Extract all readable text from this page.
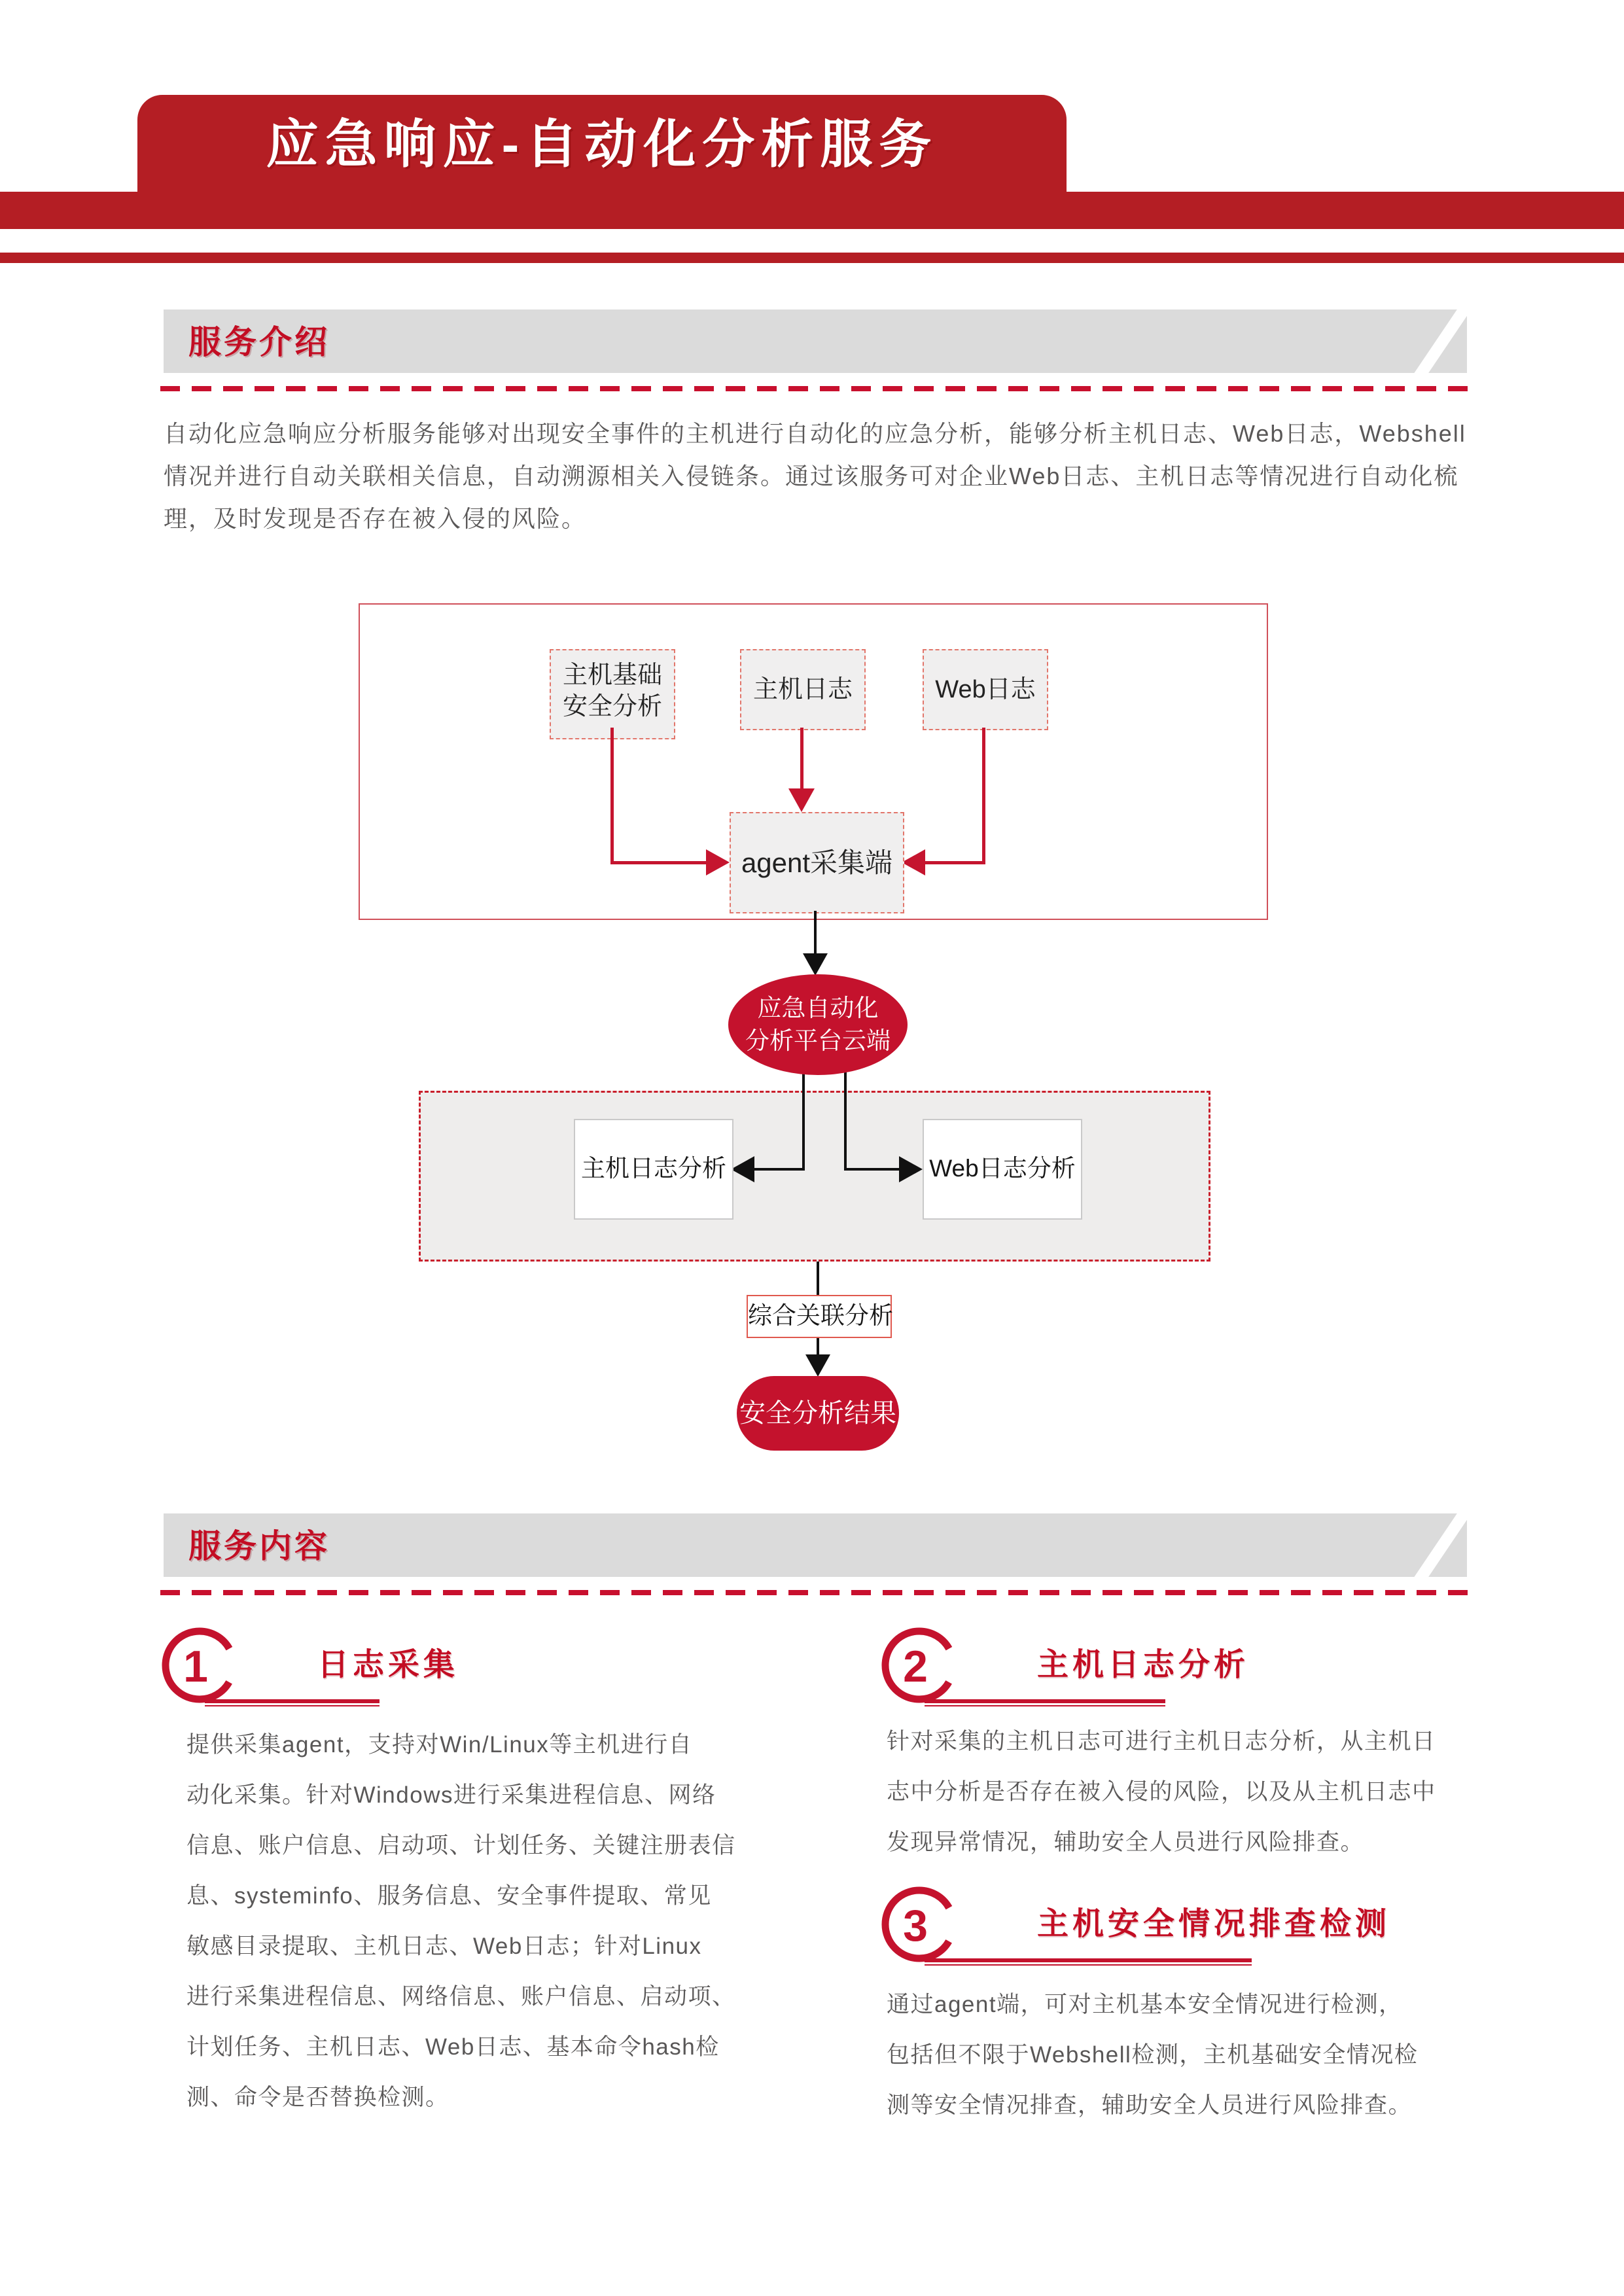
应急响应-自动化分析服务
服务介绍
自动化应急响应分析服务能够对出现安全事件的主机进行自动化的应急分析，能够分析主机日志、Web日志，Webshell
情况并进行自动关联相关信息，自动溯源相关入侵链条。通过该服务可对企业Web日志、主机日志等情况进行自动化梳
理，及时发现是否存在被入侵的风险。
主机基础
安全分析
主机日志	Web日志
agent采集端
应急自动化
分析平台云端
主机日志分析	Web日志分析
综合关联分析
安全分析结果
服务内容
1	日志采集
提供采集agent，支持对Win/Linux等主机进行自
动化采集。针对Windows进行采集进程信息、网络
信息、账户信息、启动项、计划任务、关键注册表信
息、systeminfo、服务信息、安全事件提取、常见
敏感目录提取、主机日志、Web日志；针对Linux
进行采集进程信息、网络信息、账户信息、启动项、
计划任务、主机日志、Web日志、基本命令hash检
测、命令是否替换检测。
2	主机日志分析
针对采集的主机日志可进行主机日志分析，从主机日
志中分析是否存在被入侵的风险，以及从主机日志中
发现异常情况，辅助安全人员进行风险排查。
3	主机安全情况排查检测
通过agent端，可对主机基本安全情况进行检测，
包括但不限于Webshell检测，主机基础安全情况检
测等安全情况排查，辅助安全人员进行风险排查。
